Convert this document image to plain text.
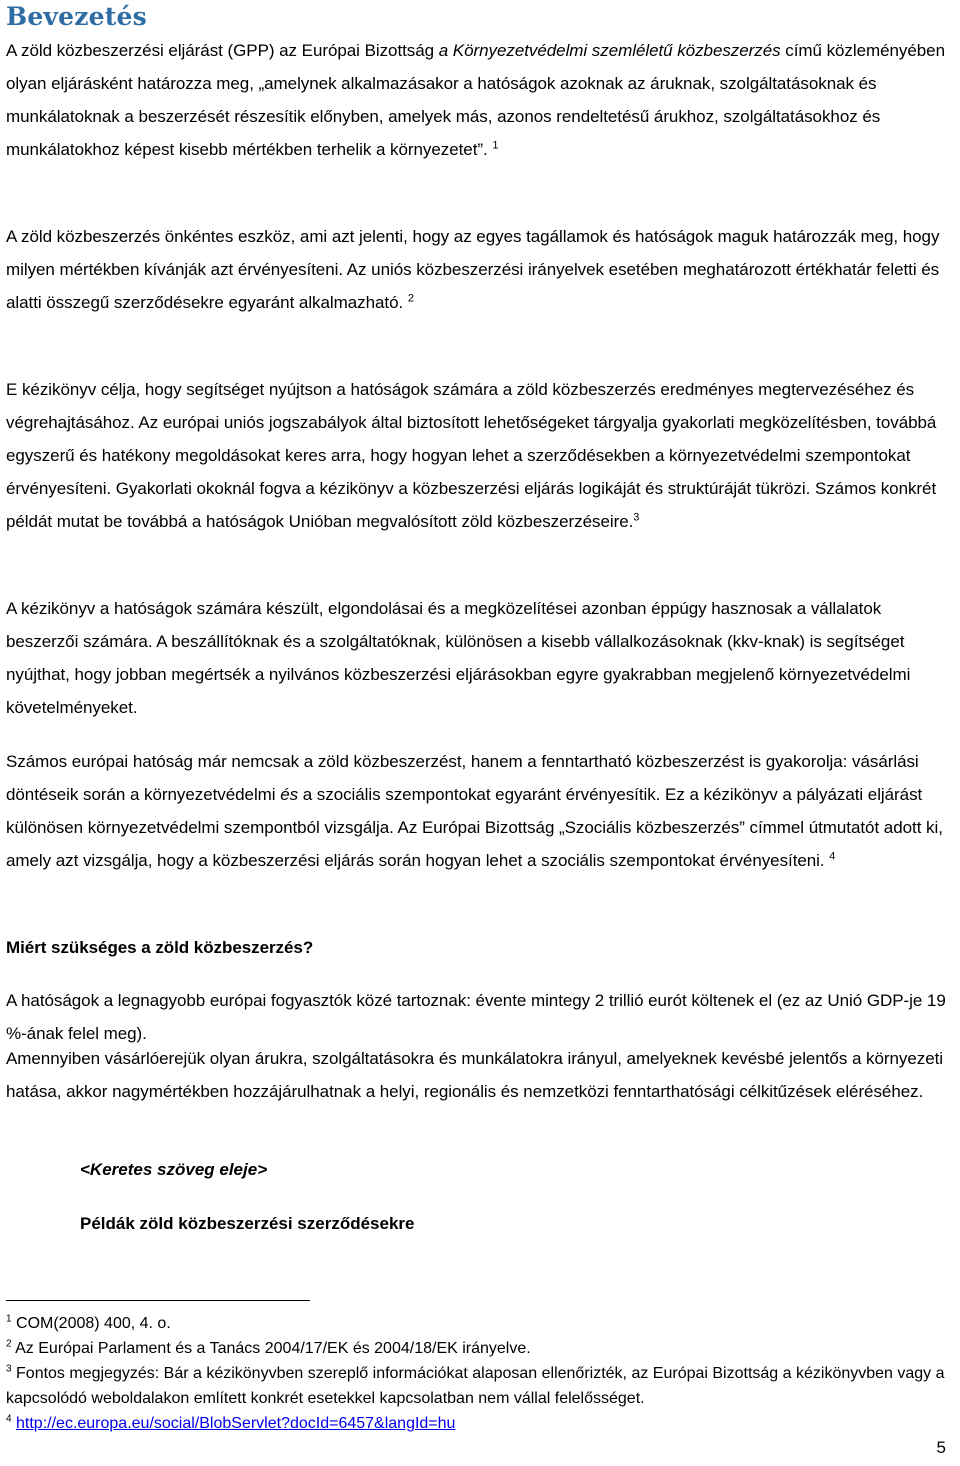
Bevezetés
A zöld közbeszerzési eljárást (GPP) az Európai Bizottság a Környezetvédelmi szemléletű közbeszerzés című közleményében olyan eljárásként határozza meg, „amelynek alkalmazásakor a hatóságok azoknak az áruknak, szolgáltatásoknak és munkálatoknak a beszerzését részesítik előnyben, amelyek más, azonos rendeltetésű árukhoz, szolgáltatásokhoz és munkálatokhoz képest kisebb mértékben terhelik a környezetet”. $^1$
A zöld közbeszerzés önkéntes eszköz, ami azt jelenti, hogy az egyes tagállamok és hatóságok maguk határozzák meg, hogy milyen mértékben kívánják azt érvényesíteni. Az uniós közbeszerzési irányelvek esetében meghatározott értékhatár feletti és alatti összegű szerződésekre egyaránt alkalmazható. $^2$
E kézikönyv célja, hogy segítséget nyújtson a hatóságok számára a zöld közbeszerzés eredményes megtervezéséhez és végrehajtásához. Az európai uniós jogszabályok által biztosított lehetőségeket tárgyalja gyakorlati megközelítésben, továbbá egyszerű és hatékony megoldásokat keres arra, hogy hogyan lehet a szerződésekben a környezetvédelmi szempontokat érvényesíteni. Gyakorlati okoknál fogva a kézikönyv a közbeszerzési eljárás logikáját és struktúráját tükrözi. Számos konkrét példát mutat be továbbá a hatóságok Unióban megvalósított zöld közbeszerzéseire.$^3$
A kézikönyv a hatóságok számára készült, elgondolásai és a megközelítései azonban éppúgy hasznosak a vállalatok beszerzői számára. A beszállítóknak és a szolgáltatóknak, különösen a kisebb vállalkozásoknak (kkv-knak) is segítséget nyújthat, hogy jobban megértsék a nyilvános közbeszerzési eljárásokban egyre gyakrabban megjelenő környezetvédelmi követelményeket.
Számos európai hatóság már nemcsak a zöld közbeszerzést, hanem a fenntartható közbeszerzést is gyakorolja: vásárlási döntéseik során a környezetvédelmi és a szociális szempontokat egyaránt érvényesítik. Ez a kézikönyv a pályázati eljárást különösen környezetvédelmi szempontból vizsgálja. Az Európai Bizottság „Szociális közbeszerzés” címmel útmutatót adott ki, amely azt vizsgálja, hogy a közbeszerzési eljárás során hogyan lehet a szociális szempontokat érvényesíteni. $^4$
Miért szükséges a zöld közbeszerzés?
A hatóságok a legnagyobb európai fogyasztók közé tartoznak: évente mintegy 2 trillió eurót költenek el (ez az Unió GDP-je 19 %-ának felel meg).
Amennyiben vásárlóerejük olyan árukra, szolgáltatásokra és munkálatokra irányul, amelyeknek kevésbé jelentős a környezeti hatása, akkor nagymértékben hozzájárulhatnak a helyi, regionális és nemzetközi fenntarthatósági célkitűzések eléréséhez.
<Keretes szöveg eleje>
Példák zöld közbeszerzési szerződésekre
$^1$ COM(2008) 400, 4. o.
$^2$ Az Európai Parlament és a Tanács 2004/17/EK és 2004/18/EK irányelve.
$^3$ Fontos megjegyzés: Bár a kézikönyvben szereplő információkat alaposan ellenőrizték, az Európai Bizottság a kézikönyvben vagy a kapcsolódó weboldalakon említett konkrét esetekkel kapcsolatban nem vállal felelősséget.
$^4$ http://ec.europa.eu/social/BlobServlet?docId=6457&langId=hu
5
